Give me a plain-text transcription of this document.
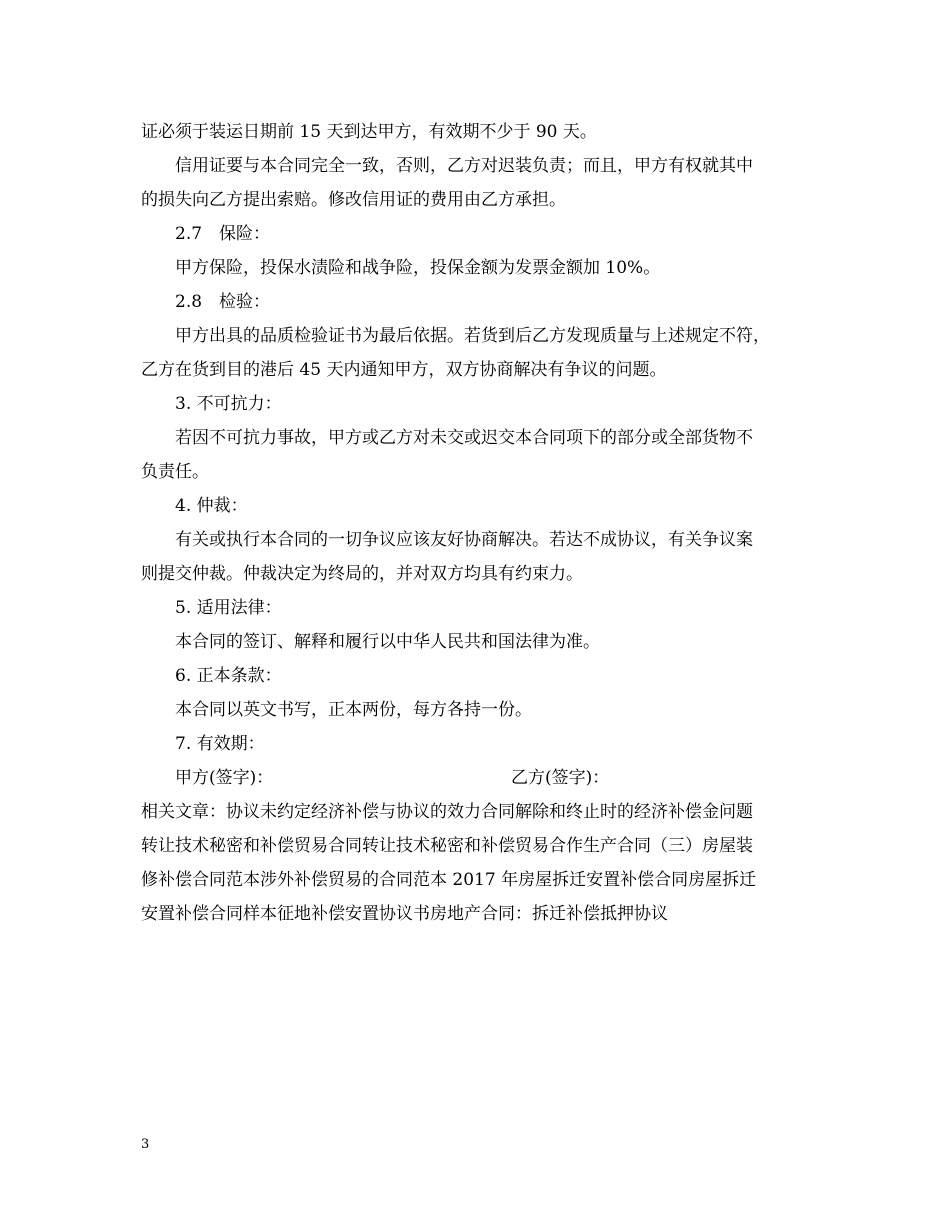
证必须于装运日期前 15 天到达甲方，有效期不少于 90 天。
信用证要与本合同完全一致，否则，乙方对迟装负责；而且，甲方有权就其中
的损失向乙方提出索赔。修改信用证的费用由乙方承担。
2.7　保险：
甲方保险，投保水渍险和战争险，投保金额为发票金额加 10%。
2.8　检验：
甲方出具的品质检验证书为最后依据。若货到后乙方发现质量与上述规定不符，
乙方在货到目的港后 45 天内通知甲方，双方协商解决有争议的问题。
3. 不可抗力：
若因不可抗力事故，甲方或乙方对未交或迟交本合同项下的部分或全部货物不
负责任。
4. 仲裁：
有关或执行本合同的一切争议应该友好协商解决。若达不成协议，有关争议案
则提交仲裁。仲裁决定为终局的，并对双方均具有约束力。
5. 适用法律：
本合同的签订、解释和履行以中华人民共和国法律为准。
6. 正本条款：
本合同以英文书写，正本两份，每方各持一份。
7. 有效期：
甲方(签字)：	乙方(签字)：
相关文章：协议未约定经济补偿与协议的效力合同解除和终止时的经济补偿金问题
转让技术秘密和补偿贸易合同转让技术秘密和补偿贸易合作生产合同（三）房屋装
修补偿合同范本涉外补偿贸易的合同范本 2017 年房屋拆迁安置补偿合同房屋拆迁
安置补偿合同样本征地补偿安置协议书房地产合同：拆迁补偿抵押协议
3
